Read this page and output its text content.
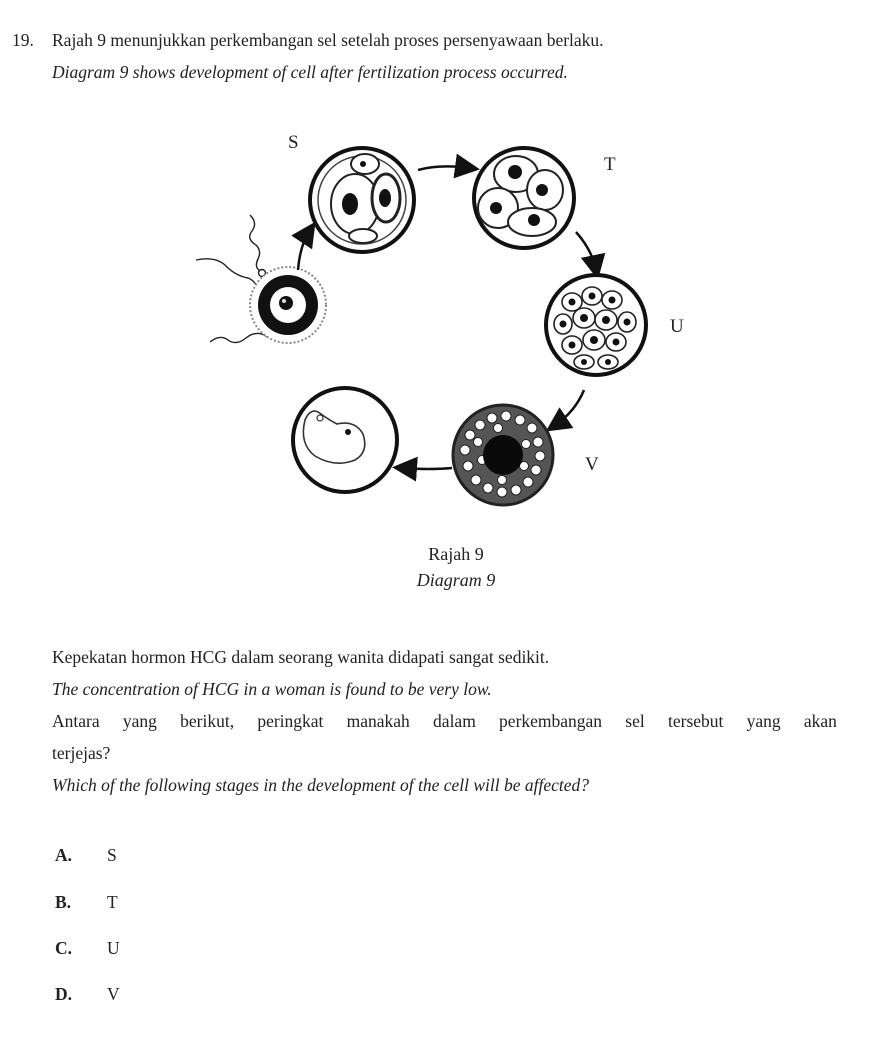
19. Rajah 9 menunjukkan perkembangan sel setelah proses persenyawaan berlaku.
Diagram 9 shows development of cell after fertilization process occurred.
S
T
U
V
Rajah 9
Diagram 9
Kepekatan hormon HCG dalam seorang wanita didapati sangat sedikit.
The concentration of HCG in a woman is found to be very low.
Antara yang berikut, peringkat manakah dalam perkembangan sel tersebut yang akan
terjejas?
Which of the following stages in the development of the cell will be affected?
A.	S
B.	T
C.	U
D.	V
